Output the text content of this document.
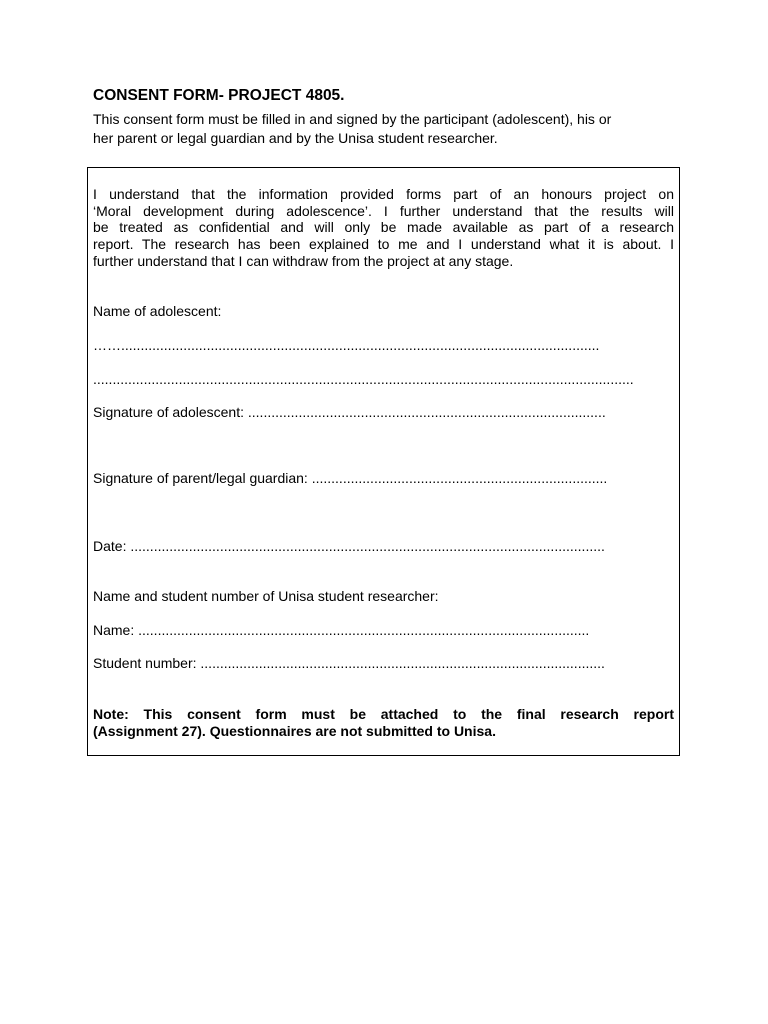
CONSENT FORM- PROJECT 4805.
This consent form must be filled in and signed by the participant (adolescent), his or
her parent or legal guardian and by the Unisa student researcher.
I understand that the information provided forms part of an honours project on
‘Moral development during adolescence’. I further understand that the results will
be treated as confidential and will only be made available as part of a research
report. The research has been explained to me and I understand what it is about. I
further understand that I can withdraw from the project at any stage.
Name of adolescent:
……...........................................................................................................................
...........................................................................................................................................
Signature of adolescent: ............................................................................................
Signature of parent/legal guardian: ............................................................................
Date: ..........................................................................................................................
Name and student number of Unisa student researcher:
Name: ....................................................................................................................
Student number: ........................................................................................................
Note: This consent form must be attached to the final research report
(Assignment 27). Questionnaires are not submitted to Unisa.
